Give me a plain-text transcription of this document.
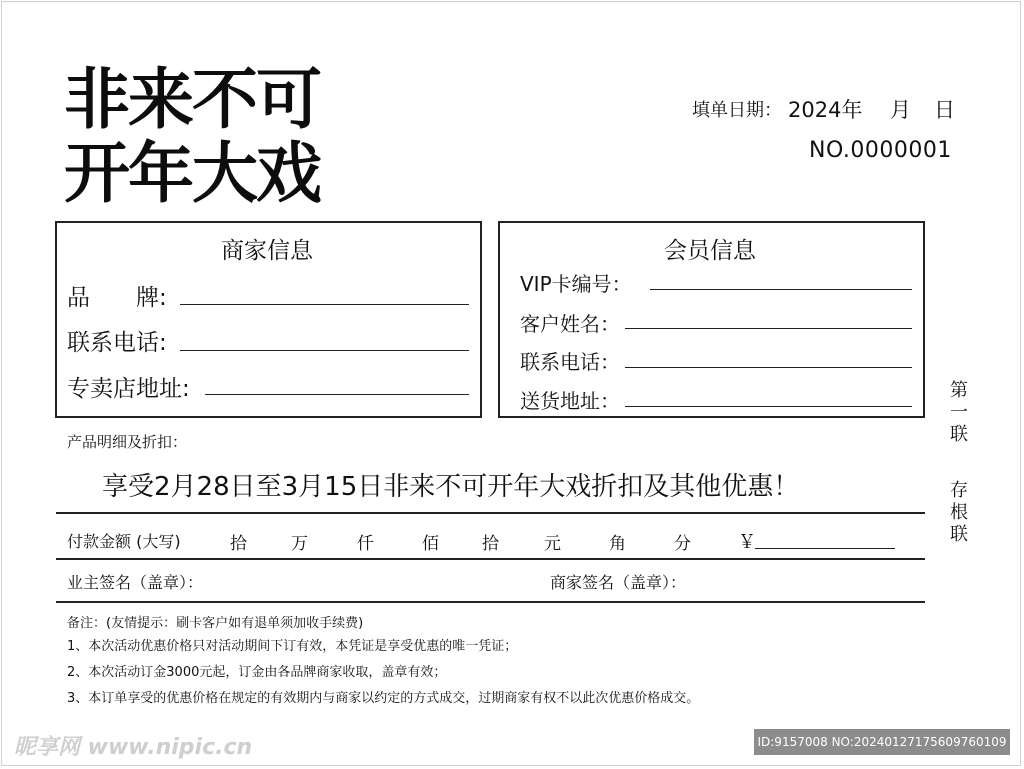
非来不可
开年大戏
填单日期： 2024年 月 日
NO.0000001
商家信息
品　　牌:
联系电话:
专卖店地址:
会员信息
VIP卡编号：
客户姓名：
联系电话：
送货地址：
产品明细及折扣：
享受2月28日至3月15日非来不可开年大戏折扣及其他优惠！
付款金额 (大写)	拾	万	仟	佰	拾	元	角	分	￥
业主签名（盖章）：	商家签名（盖章）：
备注：(友情提示：刷卡客户如有退单须加收手续费)
1、本次活动优惠价格只对活动期间下订有效，本凭证是享受优惠的唯一凭证；
2、本次活动订金3000元起，订金由各品牌商家收取，盖章有效；
3、本订单享受的优惠价格在规定的有效期内与商家以约定的方式成交，过期商家有权不以此次优惠价格成交。
第一联
存根联
昵享网 www.nipic.cn	ID:9157008 NO:20240127175609760109
